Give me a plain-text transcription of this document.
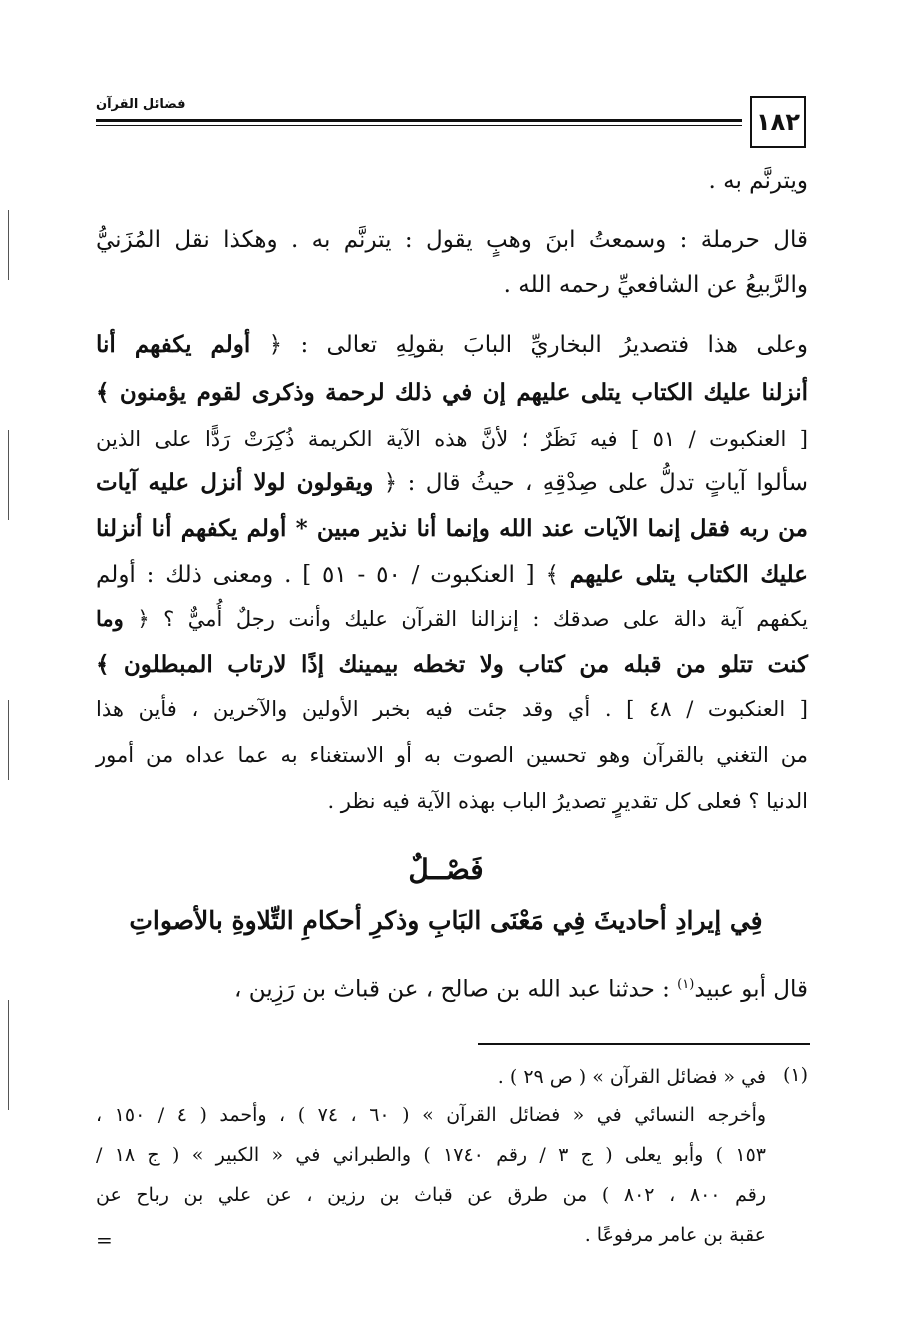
١٨٢
فضائل القرآن
ويترنَّم به .
قال حرملة : وسمعتُ ابنَ وهبٍ يقول : يترنَّم به . وهكذا نقل المُزَنيُّ
والرَّبيعُ عن الشافعيِّ رحمه الله .
وعلى هذا فتصديرُ البخاريِّ البابَ بقولِهِ تعالى : ﴿ أولم يكفهم أنا
أنزلنا عليك الكتاب يتلى عليهم إن في ذلك لرحمة وذكرى لقوم يؤمنون ﴾
[ العنكبوت / ٥١ ] فيه نَظَرٌ ؛ لأنَّ هذه الآية الكريمة ذُكِرَتْ رَدًّا على الذين
سألوا آياتٍ تدلُّ على صِدْقِهِ ، حيثُ قال : ﴿ ويقولون لولا أنزل عليه آيات
من ربه فقل إنما الآيات عند الله وإنما أنا نذير مبين * أولم يكفهم أنا أنزلنا
عليك الكتاب يتلى عليهم ﴾ [ العنكبوت / ٥٠ - ٥١ ] . ومعنى ذلك : أولم
يكفهم آية دالة على صدقك : إنزالنا القرآن عليك وأنت رجلٌ أُميٌّ ؟ ﴿ وما
كنت تتلو من قبله من كتاب ولا تخطه بيمينك إذًا لارتاب المبطلون ﴾
[ العنكبوت / ٤٨ ] . أي وقد جئت فيه بخبر الأولين والآخرين ، فأين هذا
من التغني بالقرآن وهو تحسين الصوت به أو الاستغناء به عما عداه من أمور
الدنيا ؟ فعلى كل تقديرٍ تصديرُ الباب بهذه الآية فيه نظر .
فَصْــلٌ
فِي إيرادِ أحاديثَ فِي مَعْنَى البَابِ وذكرِ أحكامِ التِّلاوةِ بالأصواتِ
قال أبو عبيد$^{(١)}$ : حدثنا عبد الله بن صالح ، عن قباث بن رَزِين ،
(١)
في « فضائل القرآن » ( ص ٢٩ ) .
وأخرجه النسائي في « فضائل القرآن » ( ٦٠ ، ٧٤ ) ، وأحمد ( ٤ / ١٥٠ ،
١٥٣ ) وأبو يعلى ( ج ٣ / رقم ١٧٤٠ ) والطبراني في « الكبير » ( ج ١٨ /
رقم ٨٠٠ ، ٨٠٢ ) من طرق عن قباث بن رزين ، عن علي بن رباح عن
عقبة بن عامر مرفوعًا .
=
